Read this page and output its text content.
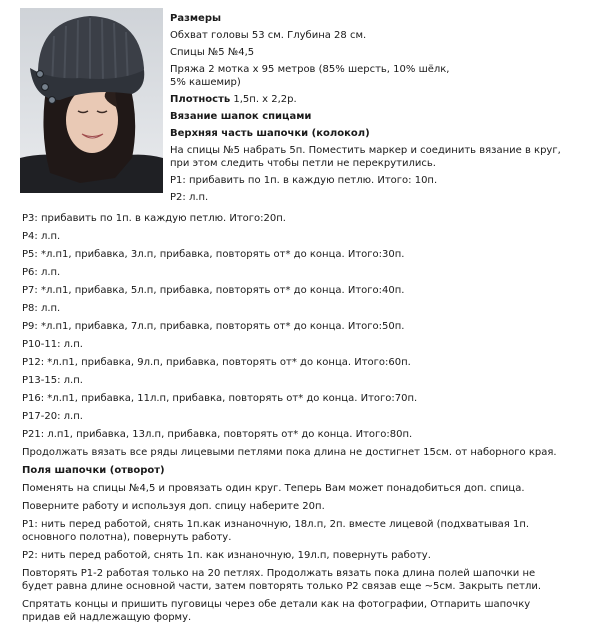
Размеры

Обхват головы 53 см. Глубина 28 см.

Спицы №5 №4,5

Пряжа 2 мотка х 95 метров (85% шерсть, 10% шёлк,

5% кашемир)

Плотность 1,5п. х 2,2р.

Вязание шапок спицами

Верхняя часть шапочки (колокол)

На спицы №5 набрать 5п. Поместить маркер и соединить вязание в круг,

при этом следить чтобы петли не перекрутились.

Р1: прибавить по 1п. в каждую петлю. Итого: 10п.

Р2: л.п.

Р3: прибавить по 1п. в каждую петлю. Итого:20п.

Р4: л.п.

Р5: *л.п1, прибавка, 3л.п, прибавка, повторять от* до конца. Итого:30п.

Р6: л.п.

Р7: *л.п1, прибавка, 5л.п, прибавка, повторять от* до конца. Итого:40п.

Р8: л.п.

Р9: *л.п1, прибавка, 7л.п, прибавка, повторять от* до конца. Итого:50п.

Р10-11: л.п.

Р12: *л.п1, прибавка, 9л.п, прибавка, повторять от* до конца. Итого:60п.

Р13-15: л.п.

Р16: *л.п1, прибавка, 11л.п, прибавка, повторять от* до конца. Итого:70п.

Р17-20: л.п.

Р21: л.п1, прибавка, 13л.п, прибавка, повторять от* до конца. Итого:80п.

Продолжать вязать все ряды лицевыми петлями пока длина не достигнет 15см. от наборного края.

Поля шапочки (отворот)

Поменять на спицы №4,5 и провязать один круг. Теперь Вам может понадобиться доп. спица.

Поверните работу и используя доп. спицу наберите 20п.

Р1: нить перед работой, снять 1п.как изнаночную, 18л.п, 2п. вместе лицевой (подхватывая 1п.

основного полотна), повернуть работу.

Р2: нить перед работой, снять 1п. как изнаночную, 19л.п, повернуть работу.

Повторять Р1-2 работая только на 20 петлях. Продолжать вязать пока длина полей шапочки не

будет равна длине основной части, затем повторять только Р2 связав еще ~5см. Закрыть петли.

Спрятать концы и пришить пуговицы через обе детали как на фотографии, Отпарить шапочку

придав ей надлежащую форму.
